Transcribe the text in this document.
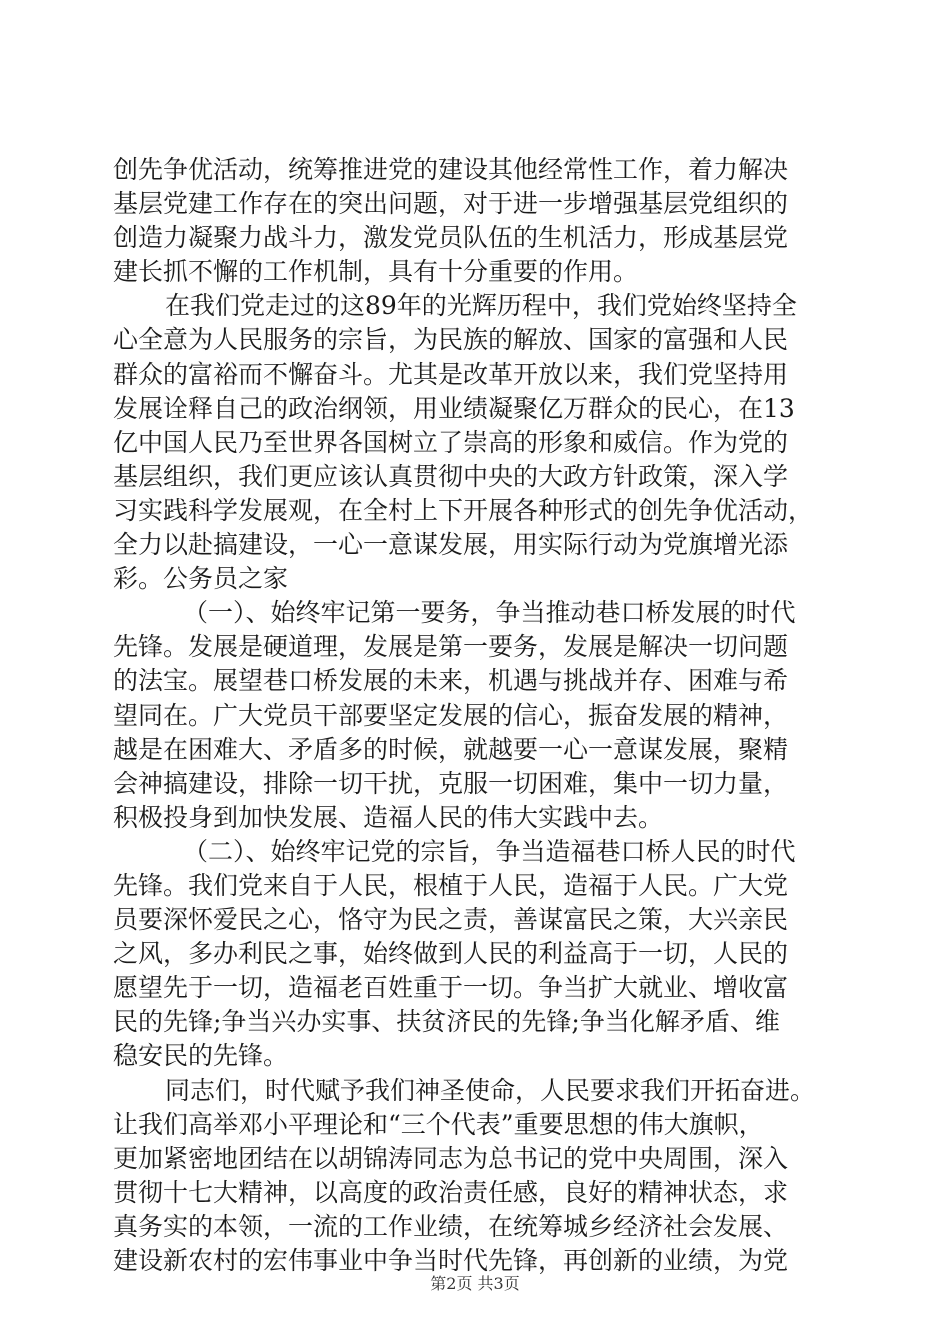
创先争优活动，统筹推进党的建设其他经常性工作，着力解决
基层党建工作存在的突出问题，对于进一步增强基层党组织的
创造力凝聚力战斗力，激发党员队伍的生机活力，形成基层党
建长抓不懈的工作机制，具有十分重要的作用。
在我们党走过的这89年的光辉历程中，我们党始终坚持全
心全意为人民服务的宗旨，为民族的解放、国家的富强和人民
群众的富裕而不懈奋斗。尤其是改革开放以来，我们党坚持用
发展诠释自己的政治纲领，用业绩凝聚亿万群众的民心，在13
亿中国人民乃至世界各国树立了崇高的形象和威信。作为党的
基层组织，我们更应该认真贯彻中央的大政方针政策，深入学
习实践科学发展观，在全村上下开展各种形式的创先争优活动，
全力以赴搞建设，一心一意谋发展，用实际行动为党旗增光添
彩。公务员之家
（一）、始终牢记第一要务，争当推动巷口桥发展的时代
先锋。发展是硬道理，发展是第一要务，发展是解决一切问题
的法宝。展望巷口桥发展的未来，机遇与挑战并存、困难与希
望同在。广大党员干部要坚定发展的信心，振奋发展的精神，
越是在困难大、矛盾多的时候，就越要一心一意谋发展，聚精
会神搞建设，排除一切干扰，克服一切困难，集中一切力量，
积极投身到加快发展、造福人民的伟大实践中去。
（二）、始终牢记党的宗旨，争当造福巷口桥人民的时代
先锋。我们党来自于人民，根植于人民，造福于人民。广大党
员要深怀爱民之心，恪守为民之责，善谋富民之策，大兴亲民
之风，多办利民之事，始终做到人民的利益高于一切，人民的
愿望先于一切，造福老百姓重于一切。争当扩大就业、增收富
民的先锋;争当兴办实事、扶贫济民的先锋;争当化解矛盾、维
稳安民的先锋。
同志们，时代赋予我们神圣使命，人民要求我们开拓奋进。
让我们高举邓小平理论和“三个代表”重要思想的伟大旗帜，
更加紧密地团结在以胡锦涛同志为总书记的党中央周围，深入
贯彻十七大精神，以高度的政治责任感，良好的精神状态，求
真务实的本领，一流的工作业绩，在统筹城乡经济社会发展、
建设新农村的宏伟事业中争当时代先锋，再创新的业绩，为党
第2页 共3页
